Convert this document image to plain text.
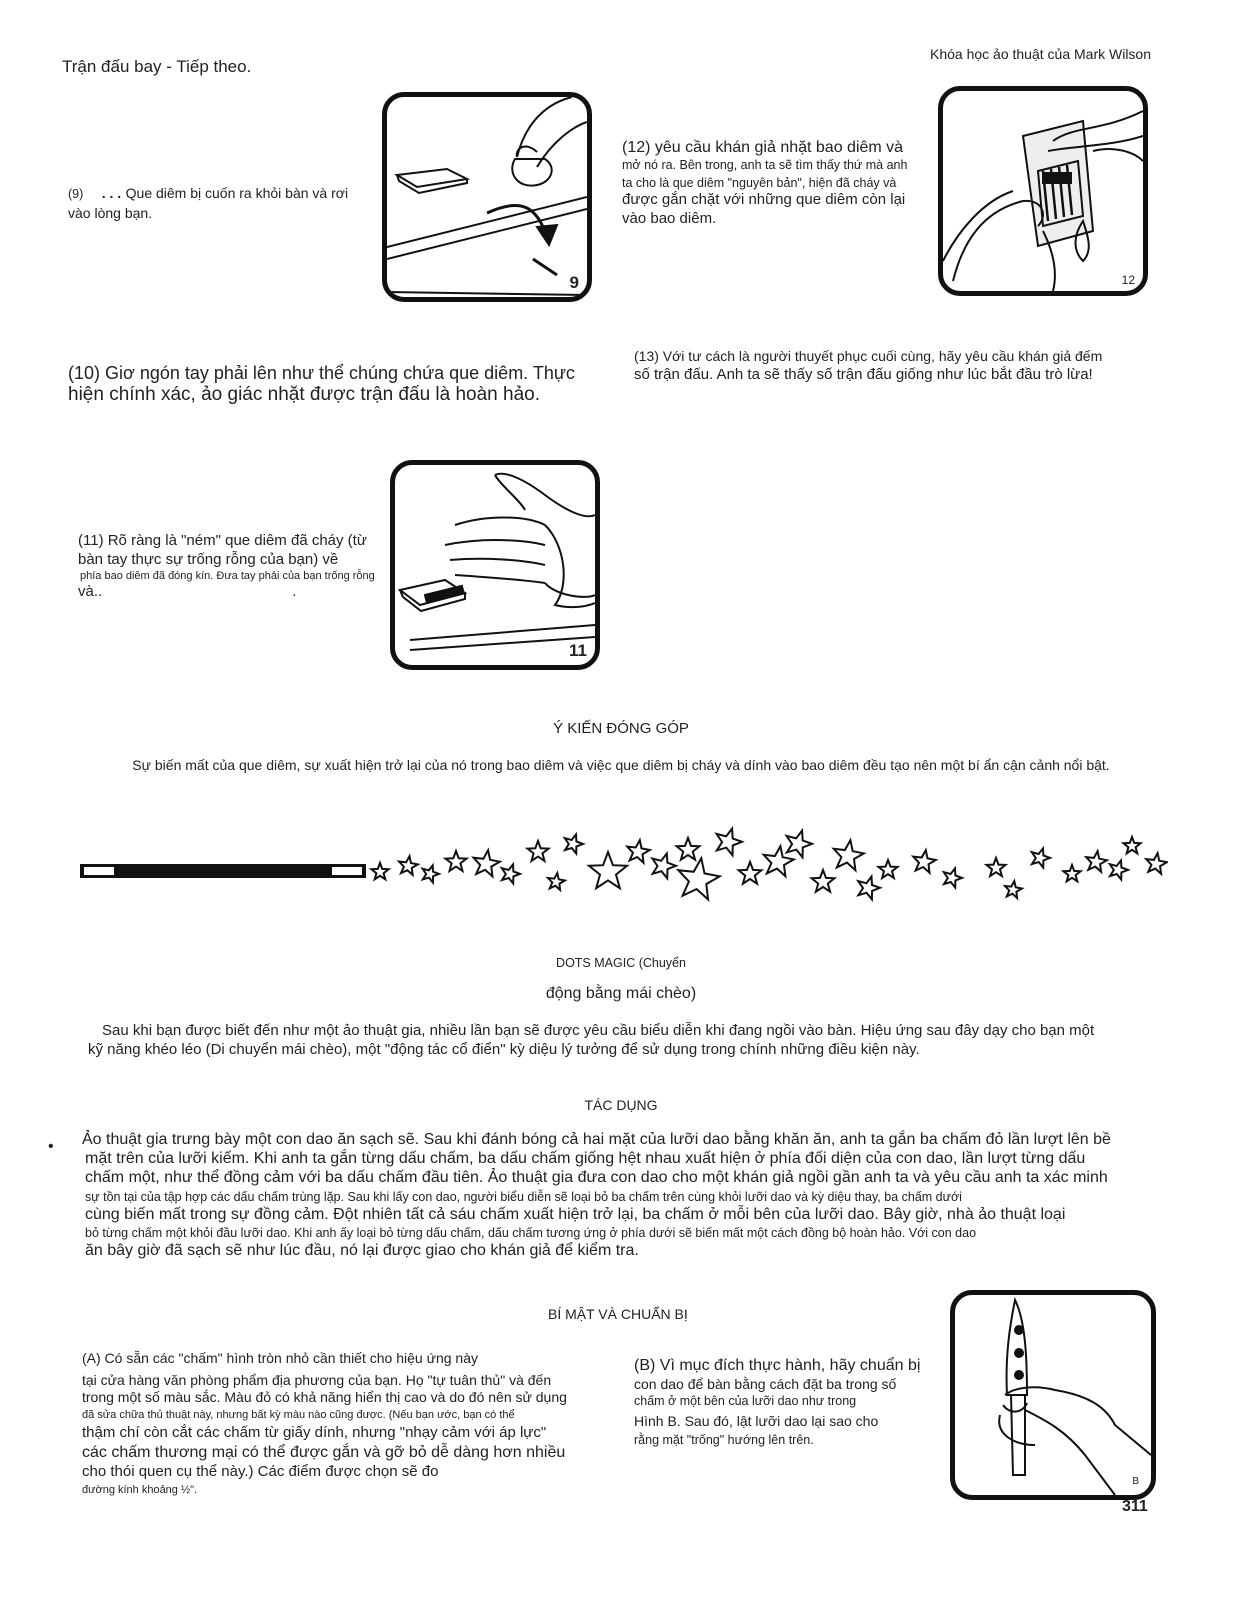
Trận đấu bay - Tiếp theo.
Khóa học ảo thuật của Mark Wilson
(9) . . . Que diêm bị cuốn ra khỏi bàn và rơi
vào lòng bạn.
9
(12) yêu cầu khán giả nhặt bao diêm và
mở nó ra. Bên trong, anh ta sẽ tìm thấy thứ mà anh
ta cho là que diêm "nguyên bản", hiện đã cháy và
được gắn chặt với những que diêm còn lại
vào bao diêm.
12
(10) Giơ ngón tay phải lên như thể chúng chứa que diêm. Thực
hiện chính xác, ảo giác nhặt được trận đấu là hoàn hảo.
(13) Với tư cách là người thuyết phục cuối cùng, hãy yêu cầu khán giả đếm
số trận đấu. Anh ta sẽ thấy số trận đấu giống như lúc bắt đầu trò lừa!
(11) Rõ ràng là "ném" que diêm đã cháy (từ
bàn tay thực sự trống rỗng của bạn) về
phía bao diêm đã đóng kín. Đưa tay phải của bạn trống rỗng
và..	.
11
Ý KIẾN ĐÓNG GÓP
Sự biến mất của que diêm, sự xuất hiện trở lại của nó trong bao diêm và việc que diêm bị cháy và dính vào bao diêm đều tạo nên một bí ẩn cận cảnh nổi bật.
DOTS MAGIC (Chuyển
động bằng mái chèo)
Sau khi bạn được biết đến như một ảo thuật gia, nhiều lần bạn sẽ được yêu cầu biểu diễn khi đang ngồi vào bàn. Hiệu ứng sau đây dạy cho bạn một
kỹ năng khéo léo (Di chuyển mái chèo), một "động tác cổ điển" kỳ diệu lý tưởng để sử dụng trong chính những điều kiện này.
TÁC DỤNG
• Ảo thuật gia trưng bày một con dao ăn sạch sẽ. Sau khi đánh bóng cả hai mặt của lưỡi dao bằng khăn ăn, anh ta gắn ba chấm đỏ lần lượt lên bề
mặt trên của lưỡi kiếm. Khi anh ta gắn từng dấu chấm, ba dấu chấm giống hệt nhau xuất hiện ở phía đối diện của con dao, lần lượt từng dấu
chấm một, như thể đồng cảm với ba dấu chấm đầu tiên. Ảo thuật gia đưa con dao cho một khán giả ngồi gần anh ta và yêu cầu anh ta xác minh
sự tồn tại của tập hợp các dấu chấm trùng lặp. Sau khi lấy con dao, người biểu diễn sẽ loại bỏ ba chấm trên cùng khỏi lưỡi dao và kỳ diệu thay, ba chấm dưới
cùng biến mất trong sự đồng cảm. Đột nhiên tất cả sáu chấm xuất hiện trở lại, ba chấm ở mỗi bên của lưỡi dao. Bây giờ, nhà ảo thuật loại
bỏ từng chấm một khỏi đầu lưỡi dao. Khi anh ấy loại bỏ từng dấu chấm, dấu chấm tương ứng ở phía dưới sẽ biến mất một cách đồng bộ hoàn hảo. Với con dao
ăn bây giờ đã sạch sẽ như lúc đầu, nó lại được giao cho khán giả để kiểm tra.
BÍ MẬT VÀ CHUẨN BỊ
(A) Có sẵn các "chấm" hình tròn nhỏ cần thiết cho hiệu ứng này
tại cửa hàng văn phòng phẩm địa phương của bạn. Họ "tự tuân thủ" và đến
trong một số màu sắc. Màu đỏ có khả năng hiển thị cao và do đó nên sử dụng
đã sửa chữa thủ thuật này, nhưng bất kỳ màu nào cũng được. (Nếu bạn ước, bạn có thể
thậm chí còn cắt các chấm từ giấy dính, nhưng "nhạy cảm với áp lực"
các chấm thương mại có thể được gắn và gỡ bỏ dễ dàng hơn nhiều
cho thói quen cụ thể này.) Các điểm được chọn sẽ đo
đường kính khoảng ½".
(B) Vì mục đích thực hành, hãy chuẩn bị
con dao để bàn bằng cách đặt ba trong số
chấm ở một bên của lưỡi dao như trong
Hình B. Sau đó, lật lưỡi dao lại sao cho
rằng mặt "trống" hướng lên trên.
B
311
